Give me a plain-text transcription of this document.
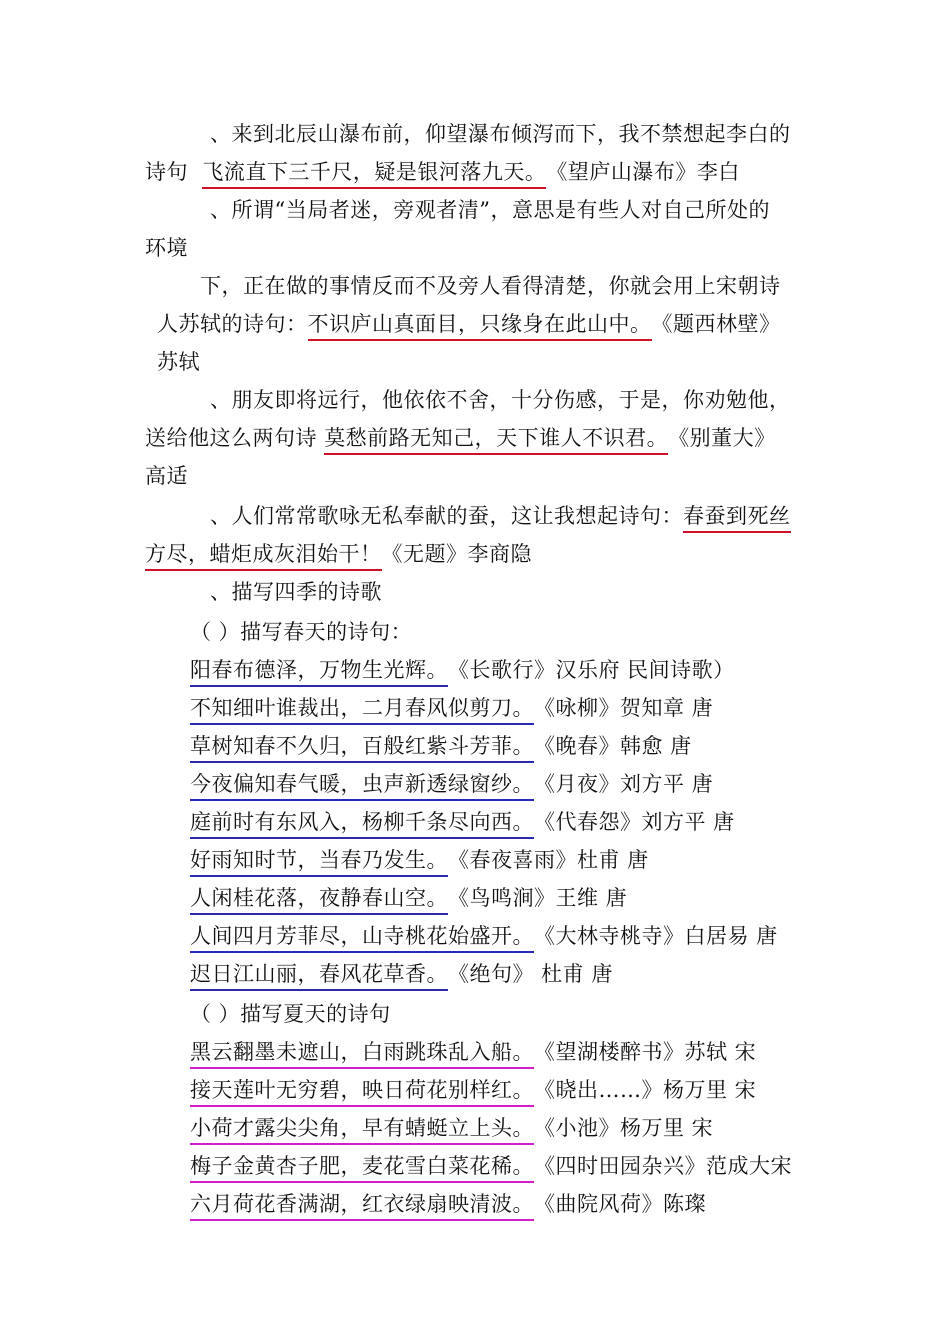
、来到北辰山瀑布前，仰望瀑布倾泻而下，我不禁想起李白的
诗句 飞流直下三千尺，疑是银河落九天。《望庐山瀑布》李白
、所谓“当局者迷，旁观者清”，意思是有些人对自己所处的
环境
下，正在做的事情反而不及旁人看得清楚，你就会用上宋朝诗
人苏轼的诗句：不识庐山真面目，只缘身在此山中。《题西林壁》
苏轼
、朋友即将远行，他依依不舍，十分伤感，于是，你劝勉他，
送给他这么两句诗 莫愁前路无知己，天下谁人不识君。《别董大》
高适
、人们常常歌咏无私奉献的蚕，这让我想起诗句：春蚕到死丝
方尽，蜡炬成灰泪始干！《无题》李商隐
、描写四季的诗歌
（ ）描写春天的诗句：
阳春布德泽，万物生光辉。《长歌行》汉乐府 民间诗歌）
不知细叶谁裁出，二月春风似剪刀。《咏柳》贺知章 唐
草树知春不久归，百般红紫斗芳菲。《晚春》韩愈 唐
今夜偏知春气暖，虫声新透绿窗纱。《月夜》刘方平 唐
庭前时有东风入，杨柳千条尽向西。《代春怨》刘方平 唐
好雨知时节，当春乃发生。《春夜喜雨》杜甫 唐
人闲桂花落，夜静春山空。《鸟鸣涧》王维 唐
人间四月芳菲尽，山寺桃花始盛开。《大林寺桃寺》白居易 唐
迟日江山丽，春风花草香。《绝句》 杜甫 唐
（ ）描写夏天的诗句
黑云翻墨未遮山，白雨跳珠乱入船。《望湖楼醉书》苏轼 宋
接天莲叶无穷碧，映日荷花别样红。《晓出……》杨万里 宋
小荷才露尖尖角，早有蜻蜓立上头。《小池》杨万里 宋
梅子金黄杏子肥，麦花雪白菜花稀。《四时田园杂兴》范成大宋
六月荷花香满湖，红衣绿扇映清波。《曲院风荷》陈璨
